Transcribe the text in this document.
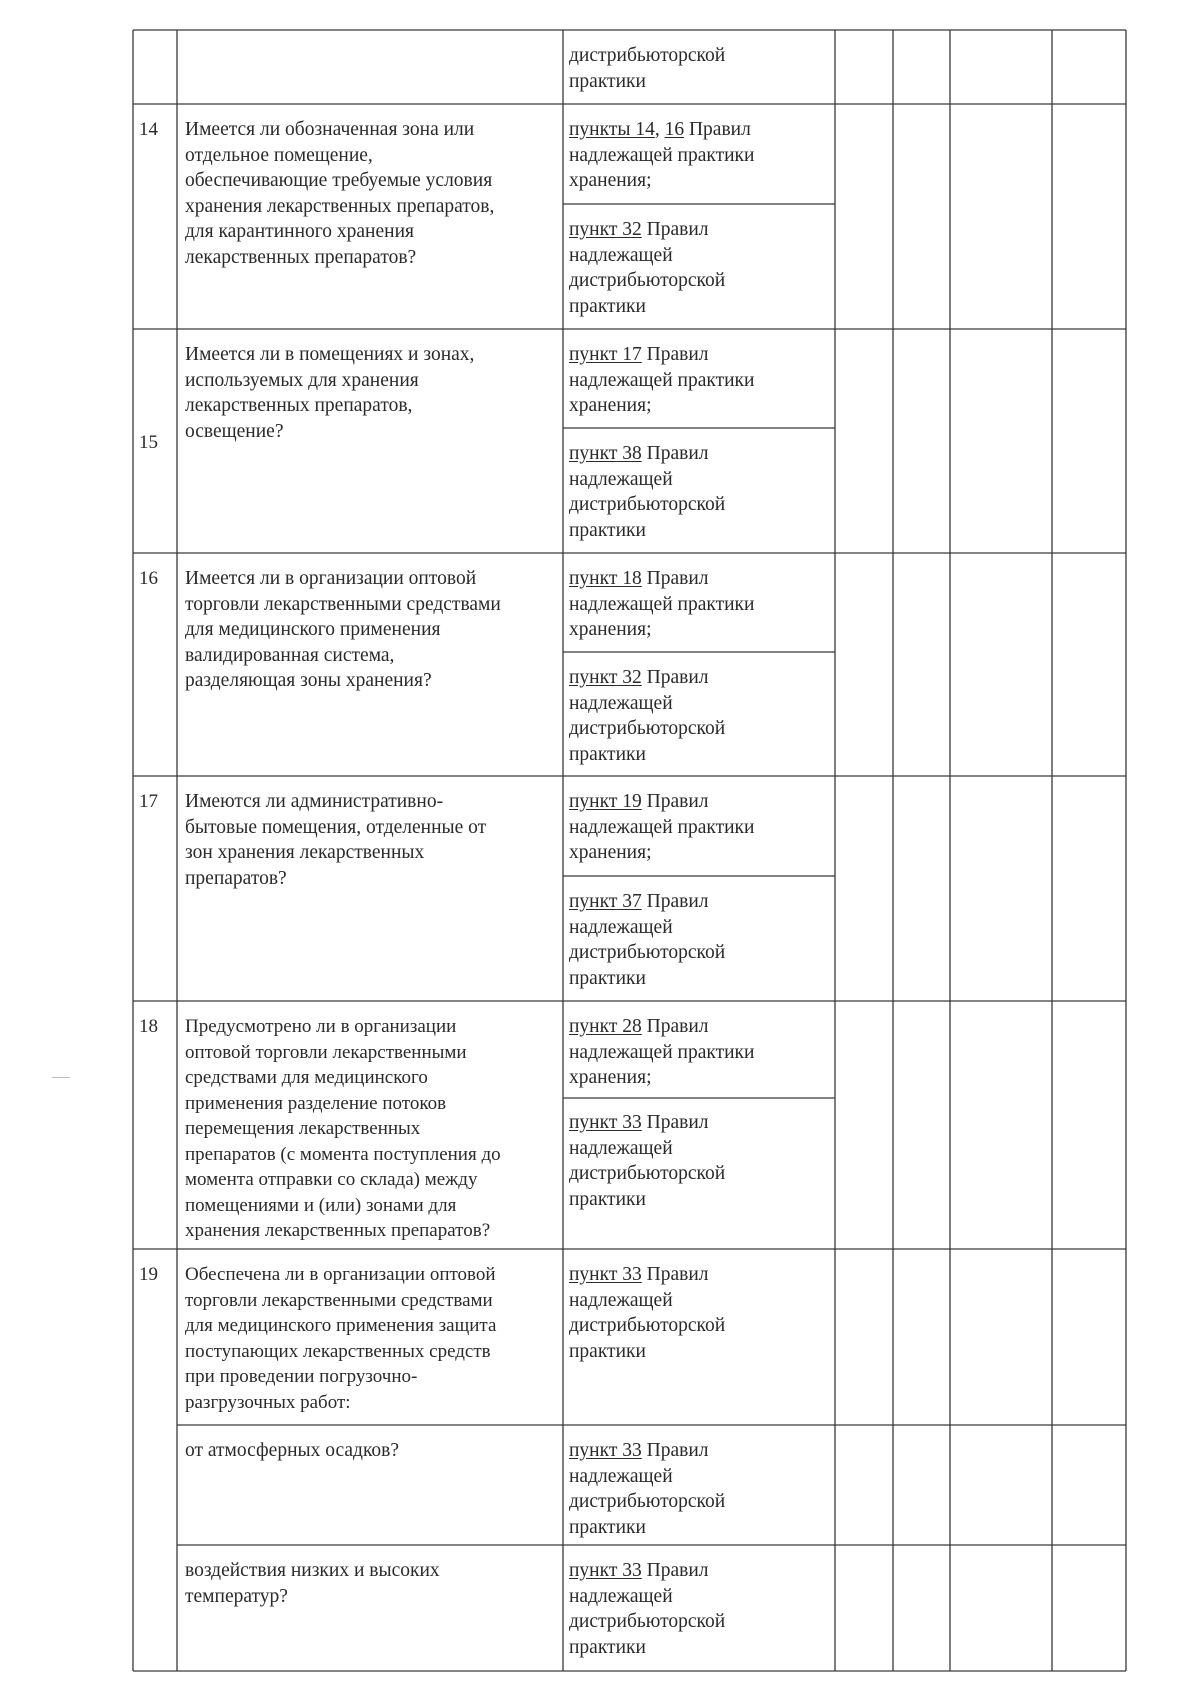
дистрибьюторской
практики
14 Имеется ли обозначенная зона или
отдельное помещение,
обеспечивающие требуемые условия
хранения лекарственных препаратов,
для карантинного хранения
лекарственных препаратов?
пункты 14, 16 Правил
надлежащей практики
хранения;
пункт 32 Правил
надлежащей
дистрибьюторской
практики
15
Имеется ли в помещениях и зонах,
используемых для хранения
лекарственных препаратов,
освещение?
пункт 17 Правил
надлежащей практики
хранения;
пункт 38 Правил
надлежащей
дистрибьюторской
практики
16 Имеется ли в организации оптовой
торговли лекарственными средствами
для медицинского применения
валидированная система,
разделяющая зоны хранения?
пункт 18 Правил
надлежащей практики
хранения;
пункт 32 Правил
надлежащей
дистрибьюторской
практики
17 Имеются ли административно-
бытовые помещения, отделенные от
зон хранения лекарственных
препаратов?
пункт 19 Правил
надлежащей практики
хранения;
пункт 37 Правил
надлежащей
дистрибьюторской
практики
18 Предусмотрено ли в организации
оптовой торговли лекарственными
средствами для медицинского
применения разделение потоков
перемещения лекарственных
препаратов (с момента поступления до
момента отправки со склада) между
помещениями и (или) зонами для
хранения лекарственных препаратов?
пункт 28 Правил
надлежащей практики
хранения;
пункт 33 Правил
надлежащей
дистрибьюторской
практики
19 Обеспечена ли в организации оптовой
торговли лекарственными средствами
для медицинского применения защита
поступающих лекарственных средств
при проведении погрузочно-
разгрузочных работ:
пункт 33 Правил
надлежащей
дистрибьюторской
практики
от атмосферных осадков?	пункт 33 Правил
надлежащей
дистрибьюторской
практики
воздействия низких и высоких
температур?
пункт 33 Правил
надлежащей
дистрибьюторской
практики
